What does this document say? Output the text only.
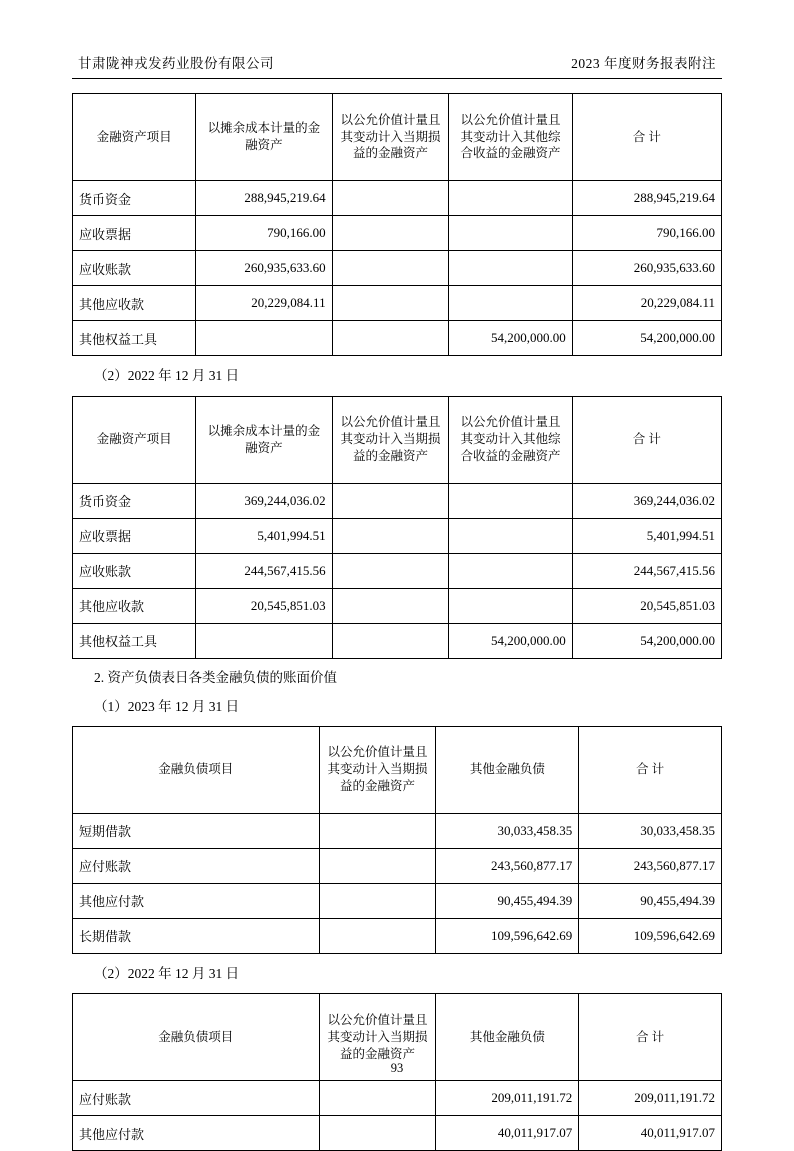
甘肃陇神戎发药业股份有限公司	2023 年度财务报表附注
金融资产项目	以摊余成本计量的金融资产	以公允价值计量且其变动计入当期损益的金融资产	以公允价值计量且其变动计入其他综合收益的金融资产	合 计
货币资金	288,945,219.64			288,945,219.64
应收票据	790,166.00			790,166.00
应收账款	260,935,633.60			260,935,633.60
其他应收款	20,229,084.11			20,229,084.11
其他权益工具			54,200,000.00	54,200,000.00
（2）2022 年 12 月 31 日
金融资产项目	以摊余成本计量的金融资产	以公允价值计量且其变动计入当期损益的金融资产	以公允价值计量且其变动计入其他综合收益的金融资产	合 计
货币资金	369,244,036.02			369,244,036.02
应收票据	5,401,994.51			5,401,994.51
应收账款	244,567,415.56			244,567,415.56
其他应收款	20,545,851.03			20,545,851.03
其他权益工具			54,200,000.00	54,200,000.00
2. 资产负债表日各类金融负债的账面价值
（1）2023 年 12 月 31 日
金融负债项目	以公允价值计量且其变动计入当期损益的金融资产	其他金融负债	合 计
短期借款		30,033,458.35	30,033,458.35
应付账款		243,560,877.17	243,560,877.17
其他应付款		90,455,494.39	90,455,494.39
长期借款		109,596,642.69	109,596,642.69
（2）2022 年 12 月 31 日
金融负债项目	以公允价值计量且其变动计入当期损益的金融资产	其他金融负债	合 计
应付账款		209,011,191.72	209,011,191.72
其他应付款		40,011,917.07	40,011,917.07
93
